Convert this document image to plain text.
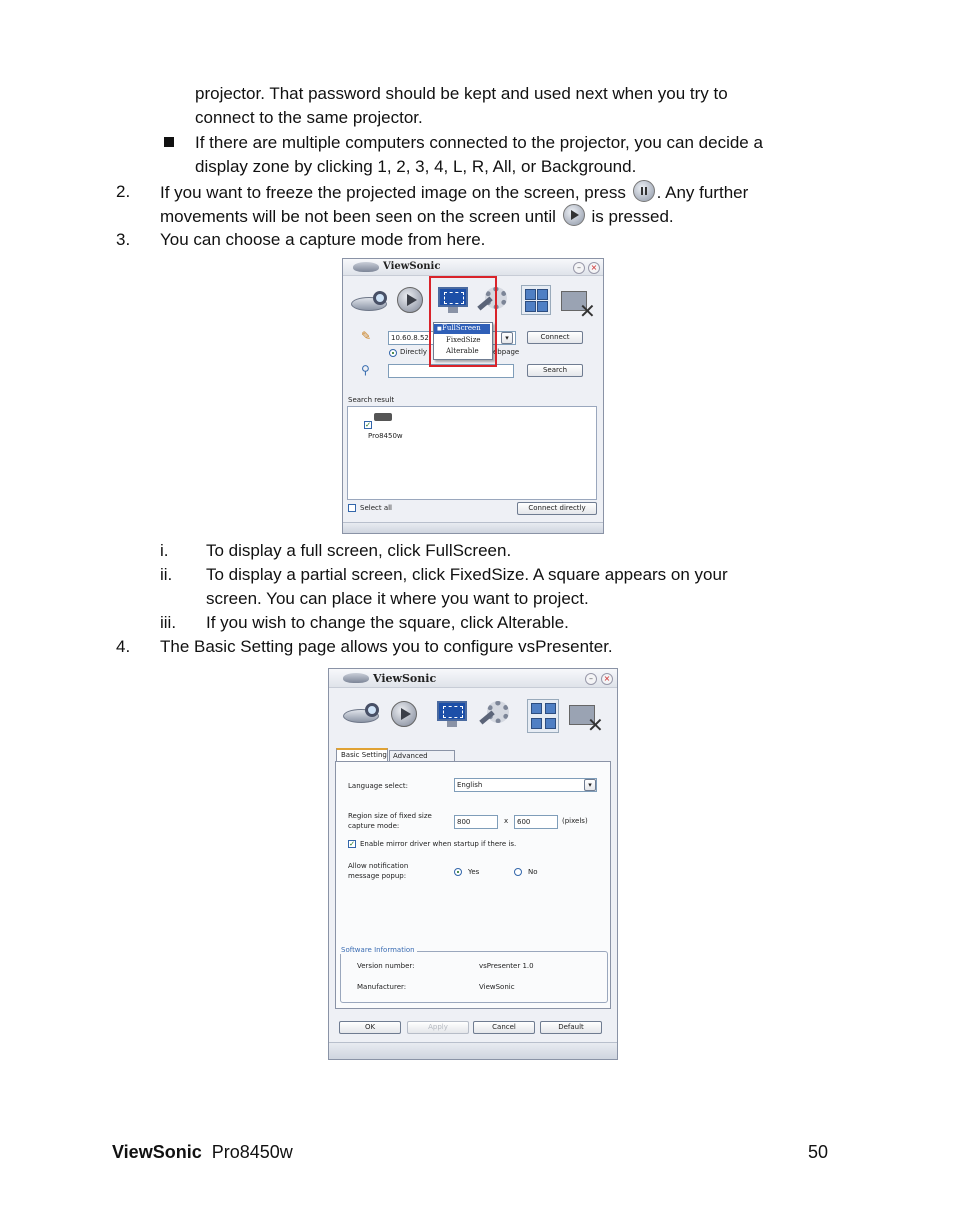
projector. That password should be kept and used next when you try to
connect to the same projector.
If there are multiple computers connected to the projector, you can decide a
display zone by clicking 1, 2, 3, 4, L, R, All, or Background.
2. If you want to freeze the projected image on the screen, press . Any further
movements will be not been seen on the screen until is pressed.
3. You can choose a capture mode from here.
ViewSonic	–	×
✕
✎	10.60.8.52	▾	Connect
Directly	ebpage
⚲	Search
Search result
✓
Pro8450w
Select all	Connect directly
FullScreen
■
FixedSize
Alterable
i. To display a full screen, click FullScreen.
ii. To display a partial screen, click FixedSize. A square appears on your
screen. You can place it where you want to project.
iii. If you wish to change the square, click Alterable.
4. The Basic Setting page allows you to configure vsPresenter.
ViewSonic	–	×
✕
Basic Setting Advanced
Language select:	English	▾
Region size of fixed size
capture mode:	800	x	600	(pixels)
✓ Enable mirror driver when startup if there is.
Allow notification
message popup:	Yes	No
Software Information
Version number:	vsPresenter 1.0
Manufacturer:	ViewSonic
OK	Apply	Cancel	Default
ViewSonic Pro8450w	50
